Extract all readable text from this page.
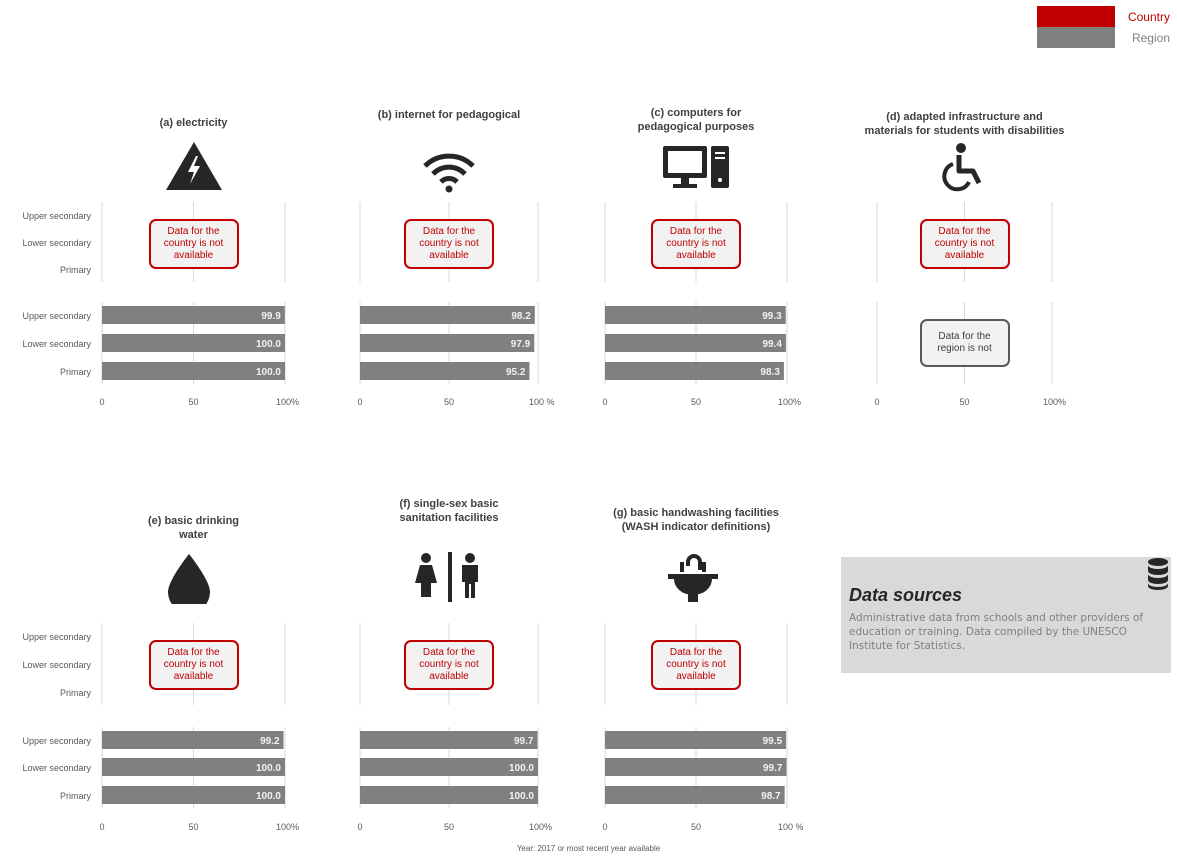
Country
Region
(a) electricity
Upper secondary
Lower secondary
Primary
Upper secondary
Lower secondary
Primary
99.9
100.0
100.0
0	50	100%
Data for the country is not available
(b) internet for pedagogical
98.2
97.9
95.2
0	50	100 %
Data for the country is not available
(c) computers for
pedagogical purposes
99.3
99.4
98.3
0	50	100%
Data for the country is not available
(d) adapted infrastructure and
materials for students with disabilities
0	50	100%
Data for the country is not available
Data for the region is not
(e) basic drinking
water
Upper secondary
Lower secondary
Primary
Upper secondary
Lower secondary
Primary
99.2
100.0
100.0
0	50	100%
Data for the country is not available
(f) single-sex basic
sanitation facilities
99.7
100.0
100.0
0	50	100%
Data for the country is not available
(g) basic handwashing facilities
(WASH indicator definitions)
99.5
99.7
98.7
0	50	100 %
Data for the country is not available
Data sources
Administrative data from schools and other providers of education or training. Data compiled by the UNESCO Institute for Statistics.
Year: 2017 or most recent year available
